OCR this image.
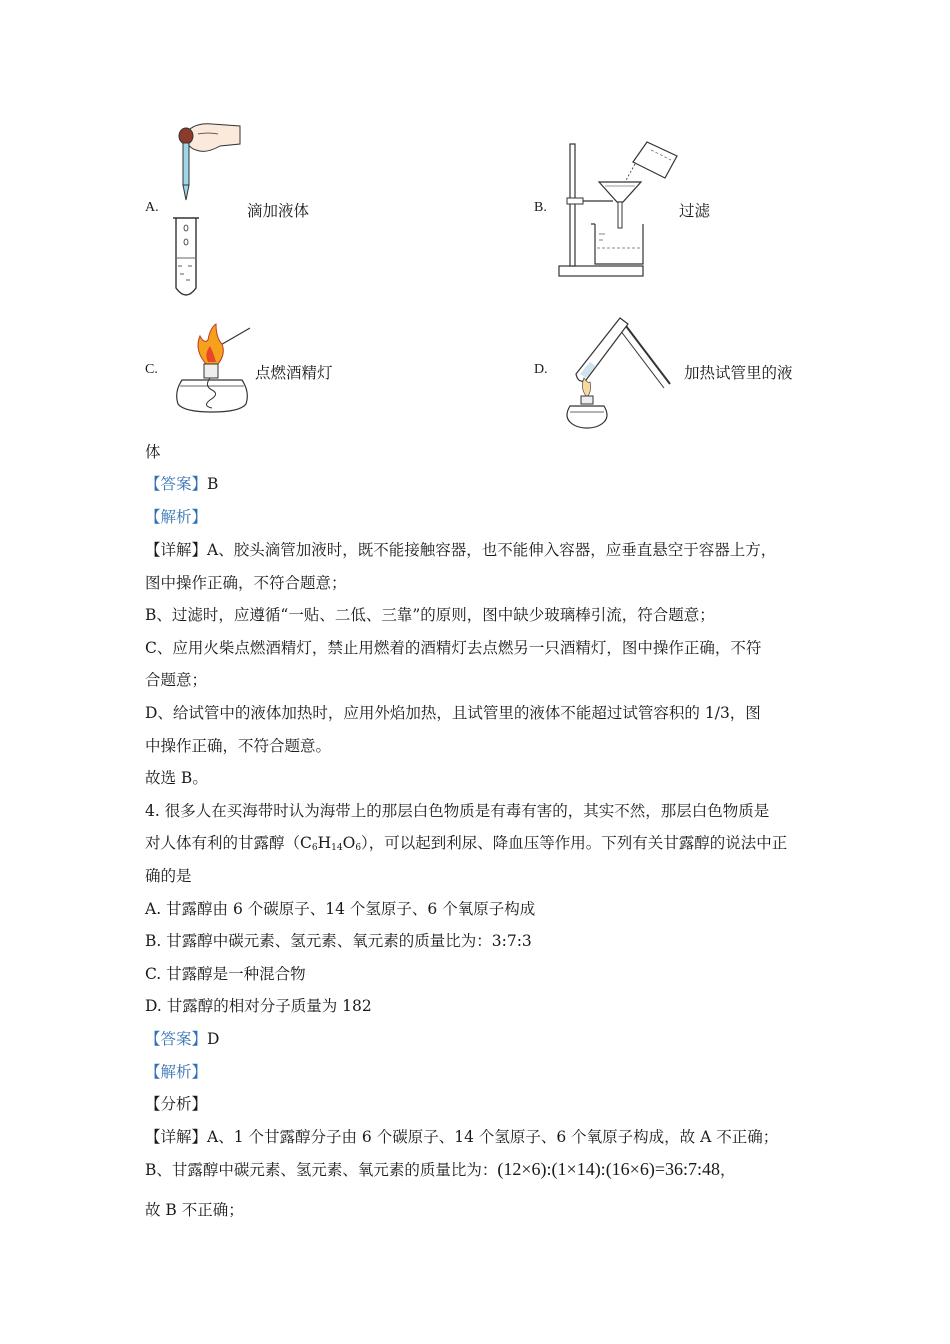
A.	滴加液体	B.	过滤
C.	点燃酒精灯	D.	加热试管里的液
体
【答案】B
【解析】
【详解】A、胶头滴管加液时，既不能接触容器，也不能伸入容器，应垂直悬空于容器上方，
图中操作正确，不符合题意；
B、过滤时，应遵循“一贴、二低、三靠”的原则，图中缺少玻璃棒引流，符合题意；
C、应用火柴点燃酒精灯，禁止用燃着的酒精灯去点燃另一只酒精灯，图中操作正确，不符
合题意；
D、给试管中的液体加热时，应用外焰加热，且试管里的液体不能超过试管容积的 1/3，图
中操作正确，不符合题意。
故选 B。
4. 很多人在买海带时认为海带上的那层白色物质是有毒有害的，其实不然，那层白色物质是
对人体有利的甘露醇$(C_6H_{14}O_6)$，可以起到利尿、降血压等作用。下列有关甘露醇的说法中正
确的是
A. 甘露醇由 6 个碳原子、14 个氢原子、6 个氧原子构成
B. 甘露醇中碳元素、氢元素、氧元素的质量比为：3:7:3
C. 甘露醇是一种混合物
D. 甘露醇的相对分子质量为 182
【答案】D
【解析】
【分析】
【详解】A、1 个甘露醇分子由 6 个碳原子、14 个氢原子、6 个氧原子构成，故 A 不正确；
B、甘露醇中碳元素、氢元素、氧元素的质量比为：(12×6):(1×14):(16×6)=36:7:48，
故 B 不正确；
